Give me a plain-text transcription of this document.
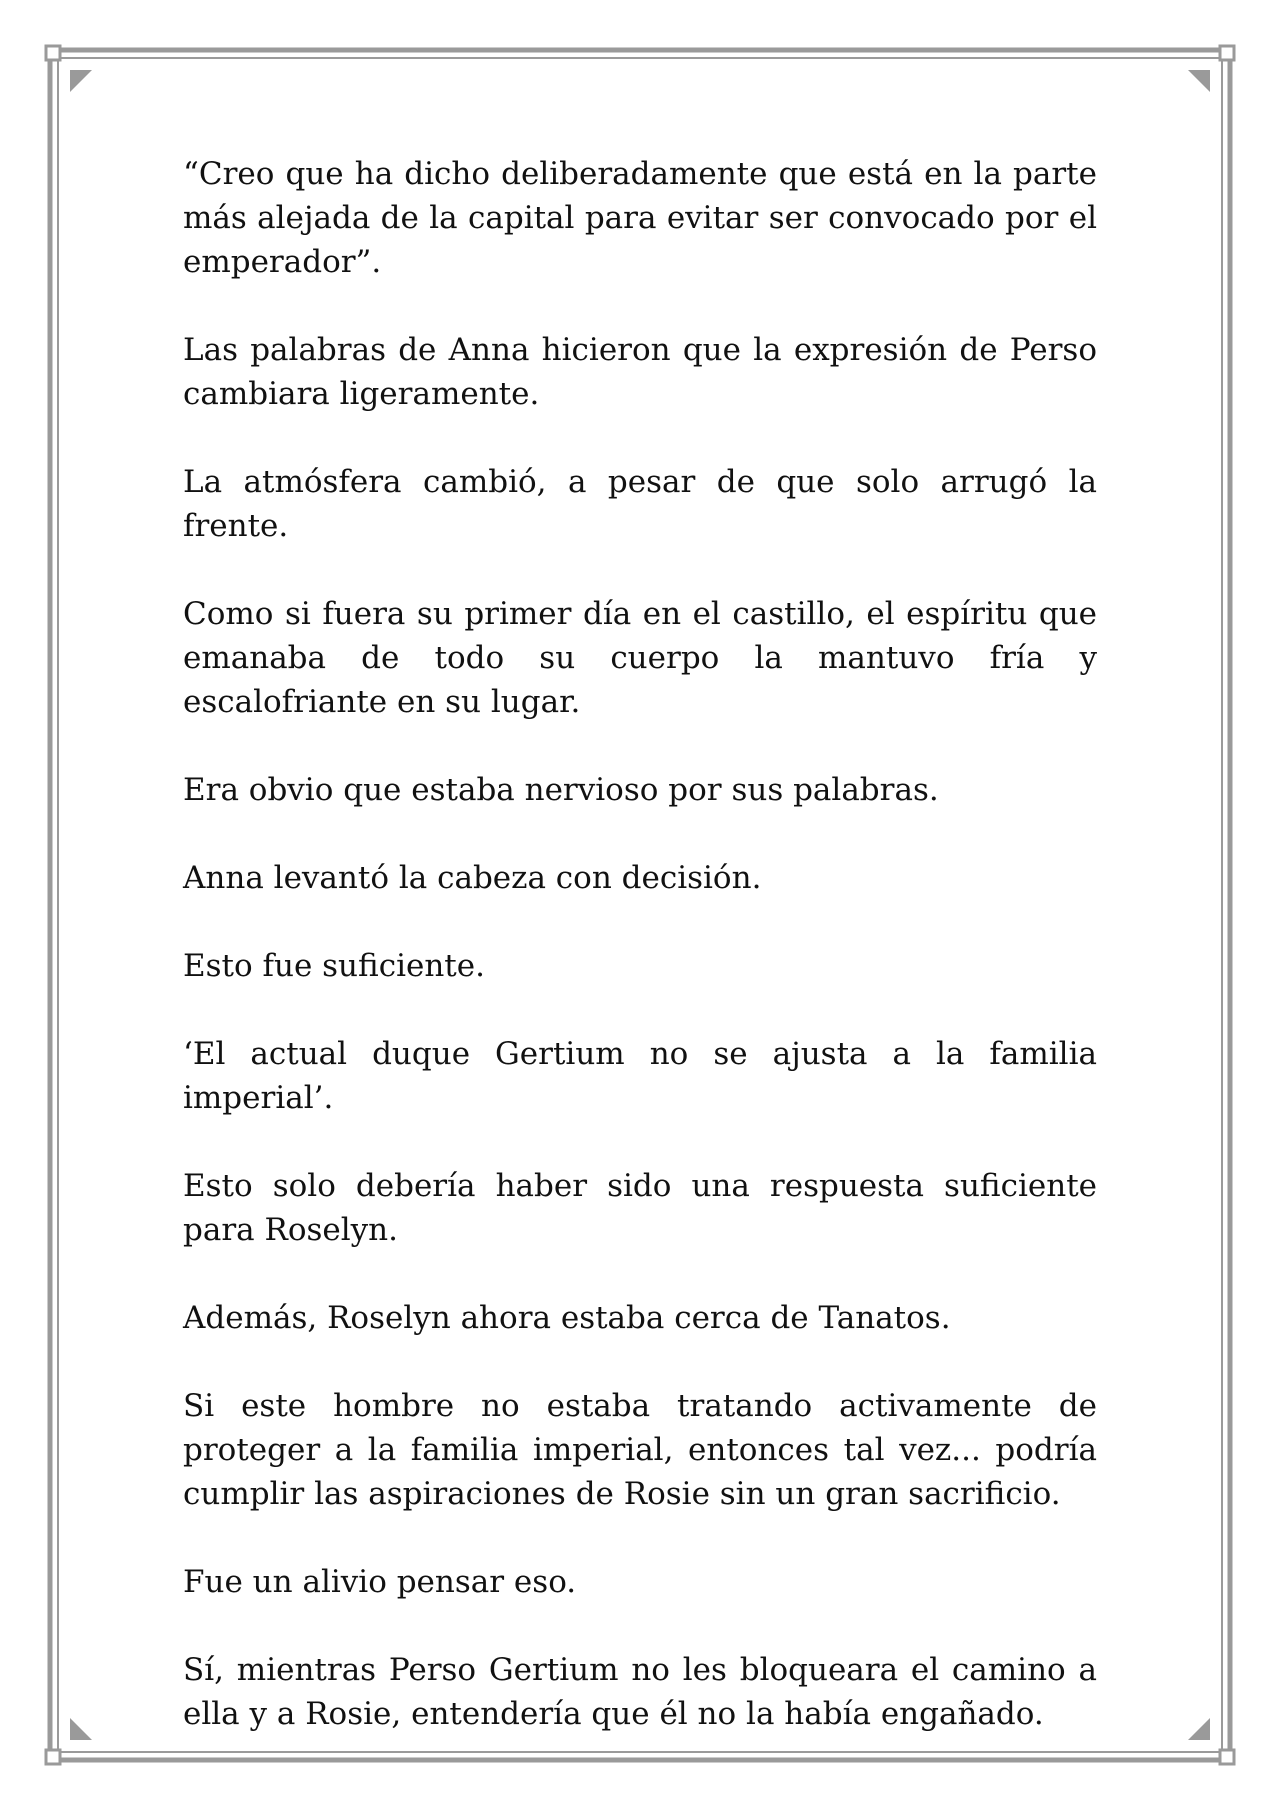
“Creo que ha dicho deliberadamente que está en la parte más alejada de la capital para evitar ser convocado por el emperador”.

Las palabras de Anna hicieron que la expresión de Perso cambiara ligeramente.

La atmósfera cambió, a pesar de que solo arrugó la frente.

Como si fuera su primer día en el castillo, el espíritu que emanaba de todo su cuerpo la mantuvo fría y escalofriante en su lugar.

Era obvio que estaba nervioso por sus palabras.

Anna levantó la cabeza con decisión.

Esto fue suficiente.

‘El actual duque Gertium no se ajusta a la familia imperial’.

Esto solo debería haber sido una respuesta suficiente para Roselyn.

Además, Roselyn ahora estaba cerca de Tanatos.

Si este hombre no estaba tratando activamente de proteger a la familia imperial, entonces tal vez... podría cumplir las aspiraciones de Rosie sin un gran sacrificio.

Fue un alivio pensar eso.

Sí, mientras Perso Gertium no les bloqueara el camino a ella y a Rosie, entendería que él no la había engañado.
